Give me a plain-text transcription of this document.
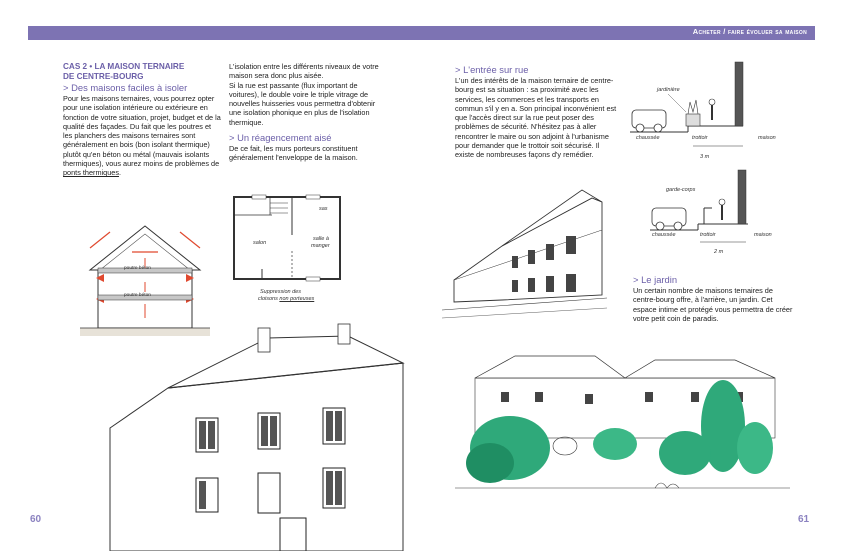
Acheter / faire évoluer sa maison

CAS 2 • LA MAISON TERNAIRE

DE CENTRE-BOURG

> Des maisons faciles à isoler

Pour les maisons ternaires, vous pourrez opter pour une isolation intérieure ou extérieure en fonction de votre situation, projet, budget et de la qualité des façades. Du fait que les poutres et les planchers des maisons ternaires sont généralement en bois (bon isolant thermique) plutôt qu'en béton ou métal (mauvais isolants thermiques), vous aurez moins de problèmes de ponts thermiques.

L'isolation entre les différents niveaux de votre maison sera donc plus aisée.

Si la rue est passante (flux important de voitures), le double voire le triple vitrage de nouvelles huisseries vous permettra d'obtenir une isolation phonique en plus de l'isolation thermique.

> Un réagencement aisé

De ce fait, les murs porteurs constituent généralement l'enveloppe de la maison.

poutre béton
poutre béton
sas
salon
salle à
manger
Suppression des
cloisons non porteuses

> L'entrée sur rue

L'un des intérêts de la maison ternaire de centre-bourg est sa situation : sa proximité avec les services, les commerces et les transports en commun s'il y en a. Son principal inconvénient est que l'accès direct sur la rue peut poser des problèmes de sécurité. N'hésitez pas à aller rencontrer le maire ou son adjoint à l'urbanisme pour demander que le trottoir soit sécurisé. Il existe de nombreuses façons d'y remédier.

jardinière
chaussée	trottoir	maison
3 m
garde-corps
chaussée	trottoir	maison
2 m

> Le jardin

Un certain nombre de maisons ternaires de centre-bourg offre, à l'arrière, un jardin. Cet espace intime et protégé vous permettra de créer votre petit coin de paradis.

60	61
